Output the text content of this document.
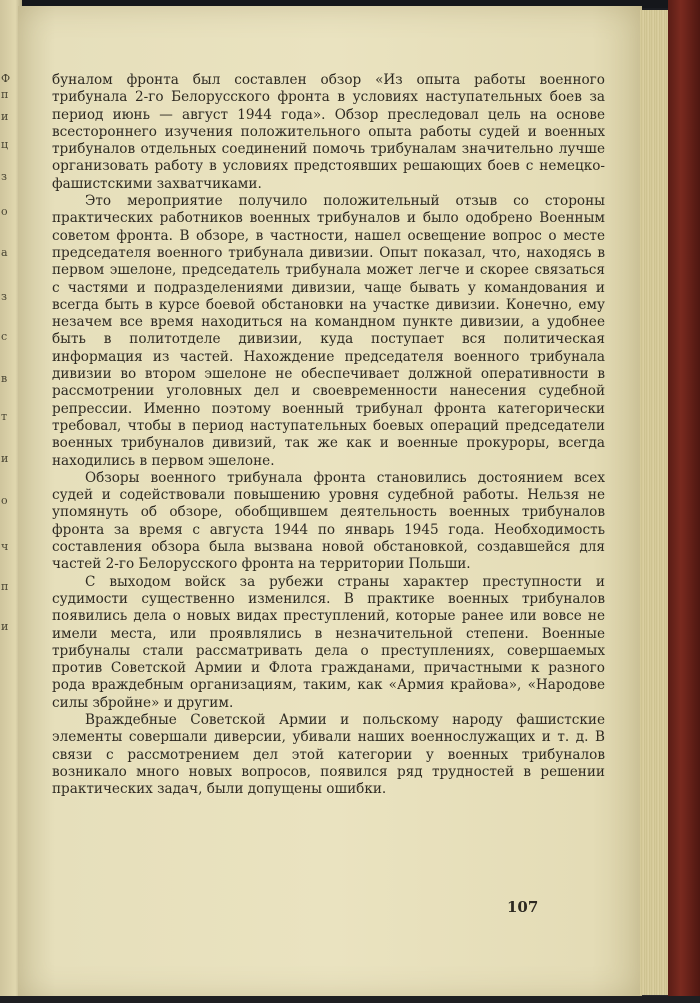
Ф
п
и
ц
з
о
а
з
с
в
т
и
о
ч
п
и

буналом фронта был составлен обзор «Из опыта работы военного трибунала 2-го Белорусского фронта в условиях наступательных боев за период июнь — август 1944 года». Обзор преследовал цель на основе всестороннего изучения положительного опыта работы судей и военных трибуналов отдельных соединений помочь трибуналам значительно лучше организовать работу в условиях предстоявших решающих боев с немецко-фашистскими захватчиками.

Это мероприятие получило положительный отзыв со стороны практических работников военных трибуналов и было одобрено Военным советом фронта. В обзоре, в частности, нашел освещение вопрос о месте председателя военного трибунала дивизии. Опыт показал, что, находясь в первом эшелоне, председатель трибунала может легче и скорее связаться с частями и подразделениями дивизии, чаще бывать у командования и всегда быть в курсе боевой обстановки на участке дивизии. Конечно, ему незачем все время находиться на командном пункте дивизии, а удобнее быть в политотделе дивизии, куда поступает вся политическая информация из частей. Нахождение председателя военного трибунала дивизии во втором эшелоне не обеспечивает должной оперативности в рассмотрении уголовных дел и своевременности нанесения судебной репрессии. Именно поэтому военный трибунал фронта категорически требовал, чтобы в период наступательных боевых операций председатели военных трибуналов дивизий, так же как и военные прокуроры, всегда находились в первом эшелоне.

Обзоры военного трибунала фронта становились достоянием всех судей и содействовали повышению уровня судебной работы. Нельзя не упомянуть об обзоре, обобщившем деятельность военных трибуналов фронта за время с августа 1944 по январь 1945 года. Необходимость составления обзора была вызвана новой обстановкой, создавшейся для частей 2-го Белорусского фронта на территории Польши.

С выходом войск за рубежи страны характер преступности и судимости существенно изменился. В практике военных трибуналов появились дела о новых видах преступлений, которые ранее или вовсе не имели места, или проявлялись в незначительной степени. Военные трибуналы стали рассматривать дела о преступлениях, совершаемых против Советской Армии и Флота гражданами, причастными к разного рода враждебным организациям, таким, как «Армия крайова», «Народове силы збройне» и другим.

Враждебные Советской Армии и польскому народу фашистские элементы совершали диверсии, убивали наших военнослужащих и т. д. В связи с рассмотрением дел этой категории у военных трибуналов возникало много новых вопросов, появился ряд трудностей в решении практических задач, были допущены ошибки.

107
